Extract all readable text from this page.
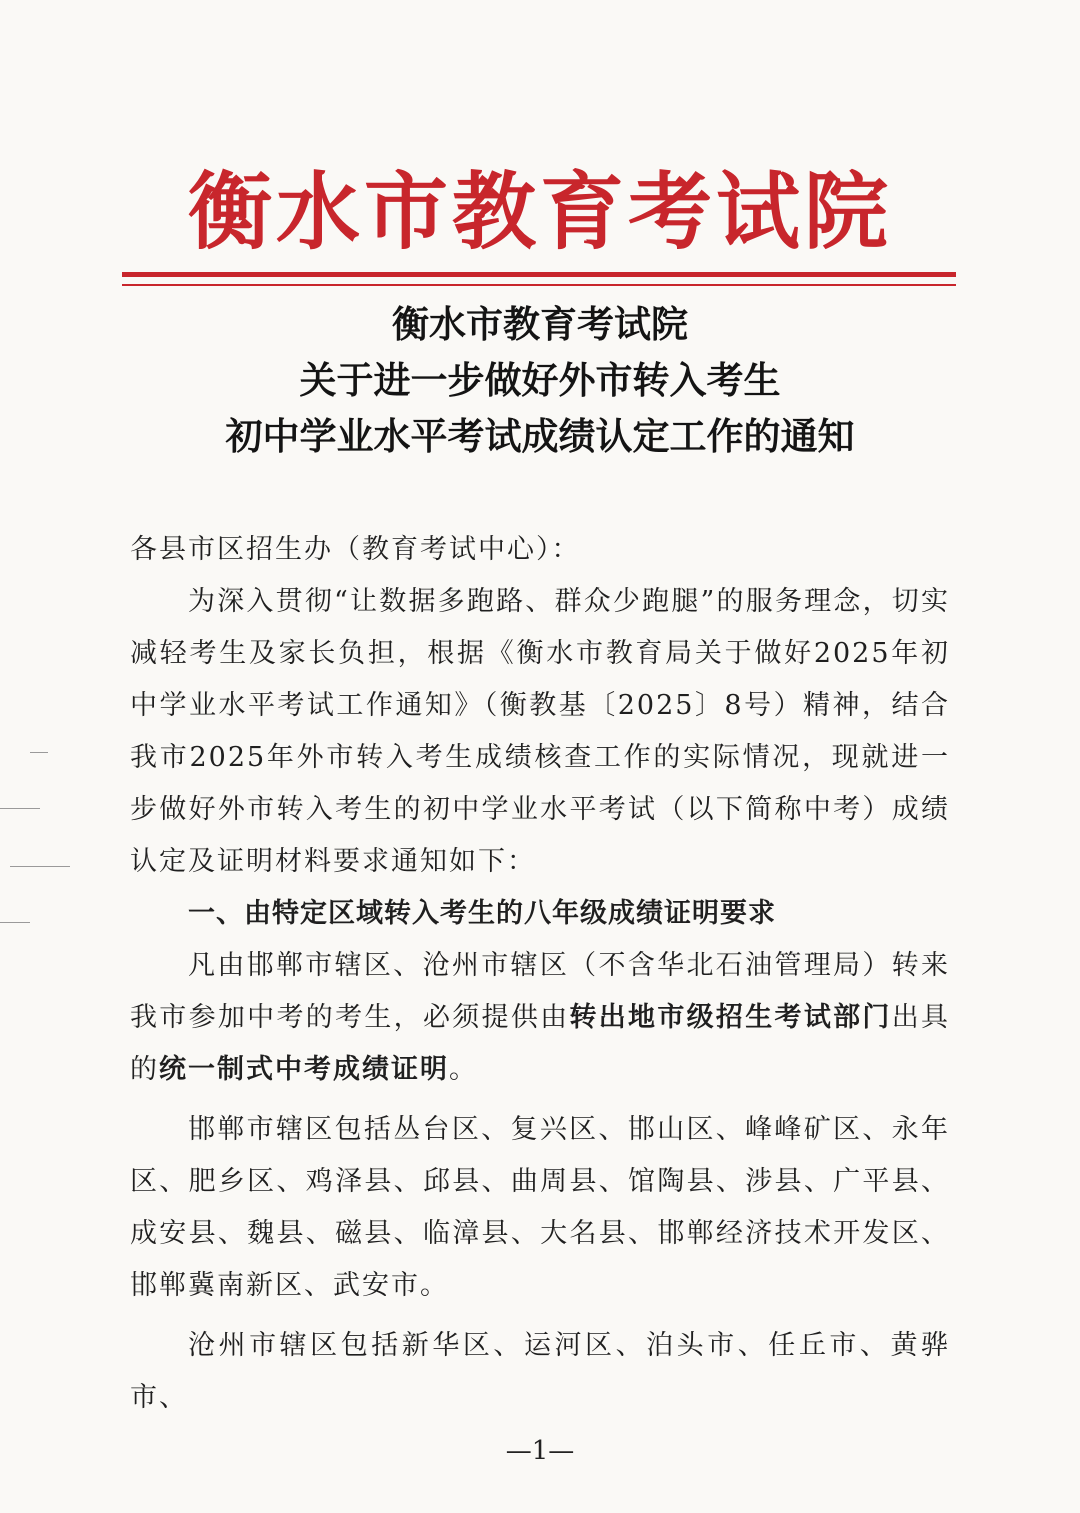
衡水市教育考试院
衡水市教育考试院
关于进一步做好外市转入考生
初中学业水平考试成绩认定工作的通知

各县市区招生办（教育考试中心）：

为深入贯彻“让数据多跑路、群众少跑腿”的服务理念，切实减轻考生及家长负担，根据《衡水市教育局关于做好2025年初中学业水平考试工作通知》（衡教基〔2025〕8号）精神，结合我市2025年外市转入考生成绩核查工作的实际情况，现就进一步做好外市转入考生的初中学业水平考试（以下简称中考）成绩认定及证明材料要求通知如下：

一、由特定区域转入考生的八年级成绩证明要求

凡由邯郸市辖区、沧州市辖区（不含华北石油管理局）转来我市参加中考的考生，必须提供由转出地市级招生考试部门出具的统一制式中考成绩证明。

邯郸市辖区包括丛台区、复兴区、邯山区、峰峰矿区、永年区、肥乡区、鸡泽县、邱县、曲周县、馆陶县、涉县、广平县、成安县、魏县、磁县、临漳县、大名县、邯郸经济技术开发区、邯郸冀南新区、武安市。

沧州市辖区包括新华区、运河区、泊头市、任丘市、黄骅市、

—1—
